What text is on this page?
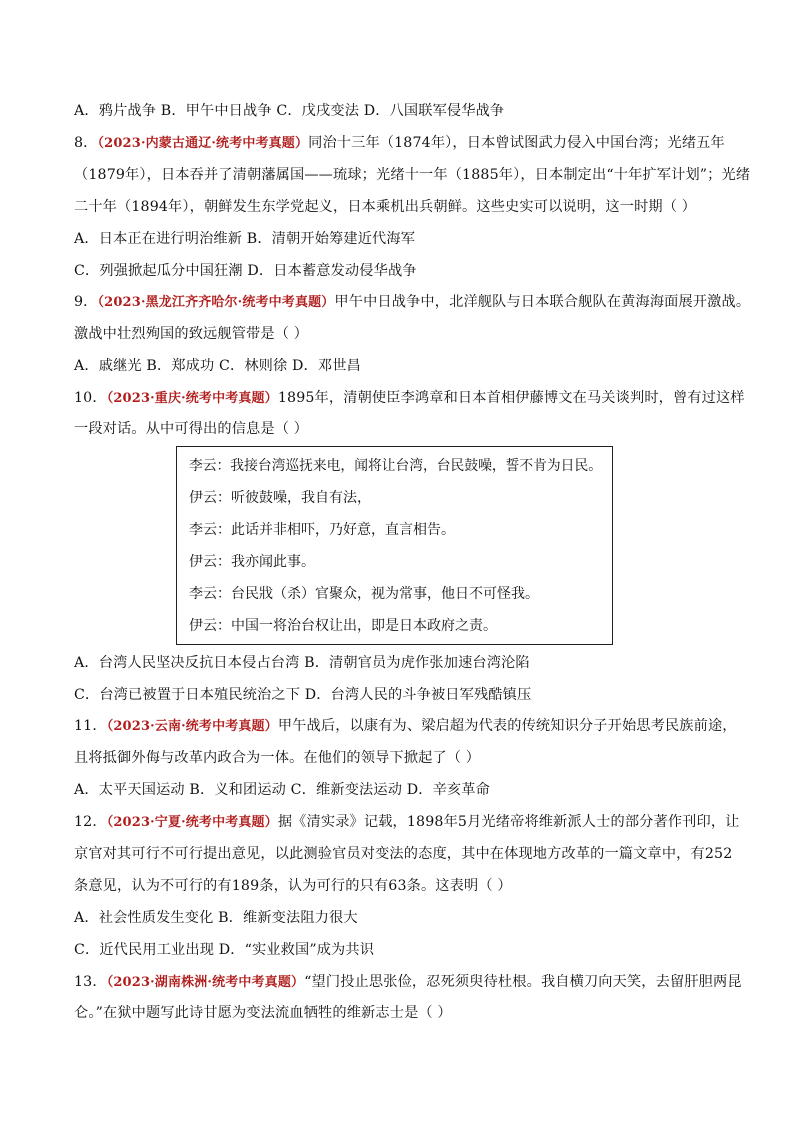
A．鸦片战争 B．甲午中日战争 C．戊戌变法 D．八国联军侵华战争
8．（2023·内蒙古通辽·统考中考真题）同治十三年（1874年），日本曾试图武力侵入中国台湾；光绪五年
（1879年），日本吞并了清朝藩属国——琉球；光绪十一年（1885年），日本制定出“十年扩军计划”；光绪
二十年（1894年），朝鲜发生东学党起义，日本乘机出兵朝鲜。这些史实可以说明，这一时期（ ）
A．日本正在进行明治维新 B．清朝开始筹建近代海军
C．列强掀起瓜分中国狂潮 D．日本蓄意发动侵华战争
9．（2023·黑龙江齐齐哈尔·统考中考真题）甲午中日战争中，北洋舰队与日本联合舰队在黄海海面展开激战。
激战中壮烈殉国的致远舰管带是（ ）
A．戚继光 B．郑成功 C．林则徐 D．邓世昌
10．（2023·重庆·统考中考真题）1895年，清朝使臣李鸿章和日本首相伊藤博文在马关谈判时，曾有过这样
一段对话。从中可得出的信息是（ ）
李云：我接台湾巡抚来电，闻将让台湾，台民鼓噪，誓不肯为日民。
伊云：听彼鼓噪，我自有法，
李云：此话并非相吓，乃好意，直言相告。
伊云：我亦闻此事。
李云：台民戕（杀）官聚众，视为常事，他日不可怪我。
伊云：中国一将治台权让出，即是日本政府之责。
A．台湾人民坚决反抗日本侵占台湾 B．清朝官员为虎作张加速台湾沦陷
C．台湾已被置于日本殖民统治之下 D．台湾人民的斗争被日军残酷镇压
11．（2023·云南·统考中考真题）甲午战后，以康有为、梁启超为代表的传统知识分子开始思考民族前途，
且将抵御外侮与改革内政合为一体。在他们的领导下掀起了（ ）
A．太平天国运动 B．义和团运动 C．维新变法运动 D．辛亥革命
12．（2023·宁夏·统考中考真题）据《清实录》记载，1898年5月光绪帝将维新派人士的部分著作刊印，让
京官对其可行不可行提出意见，以此测验官员对变法的态度，其中在体现地方改革的一篇文章中，有252
条意见，认为不可行的有189条，认为可行的只有63条。这表明（ ）
A．社会性质发生变化 B．维新变法阻力很大
C．近代民用工业出现 D．“实业救国”成为共识
13．（2023·湖南株洲·统考中考真题）“望门投止思张俭，忍死须臾待杜根。我自横刀向天笑，去留肝胆两昆
仑。”在狱中题写此诗甘愿为变法流血牺牲的维新志士是（ ）
